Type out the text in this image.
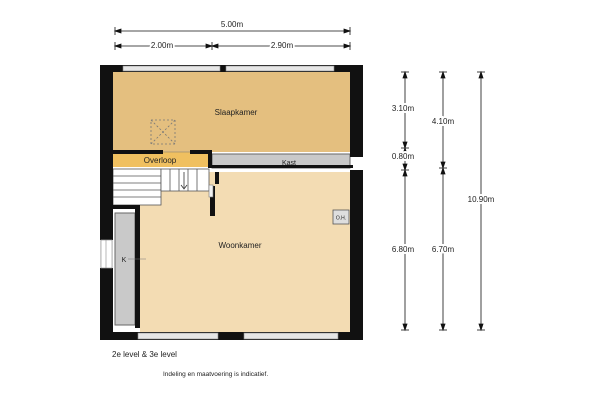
O.H.
Slaapkamer
Overloop	Kast
Woonkamer
K
5.00m
2.00m	2.90m
3.10m
0.80m
6.80m
4.10m
6.70m
10.90m
2e level & 3e level
Indeling en maatvoering is indicatief.
